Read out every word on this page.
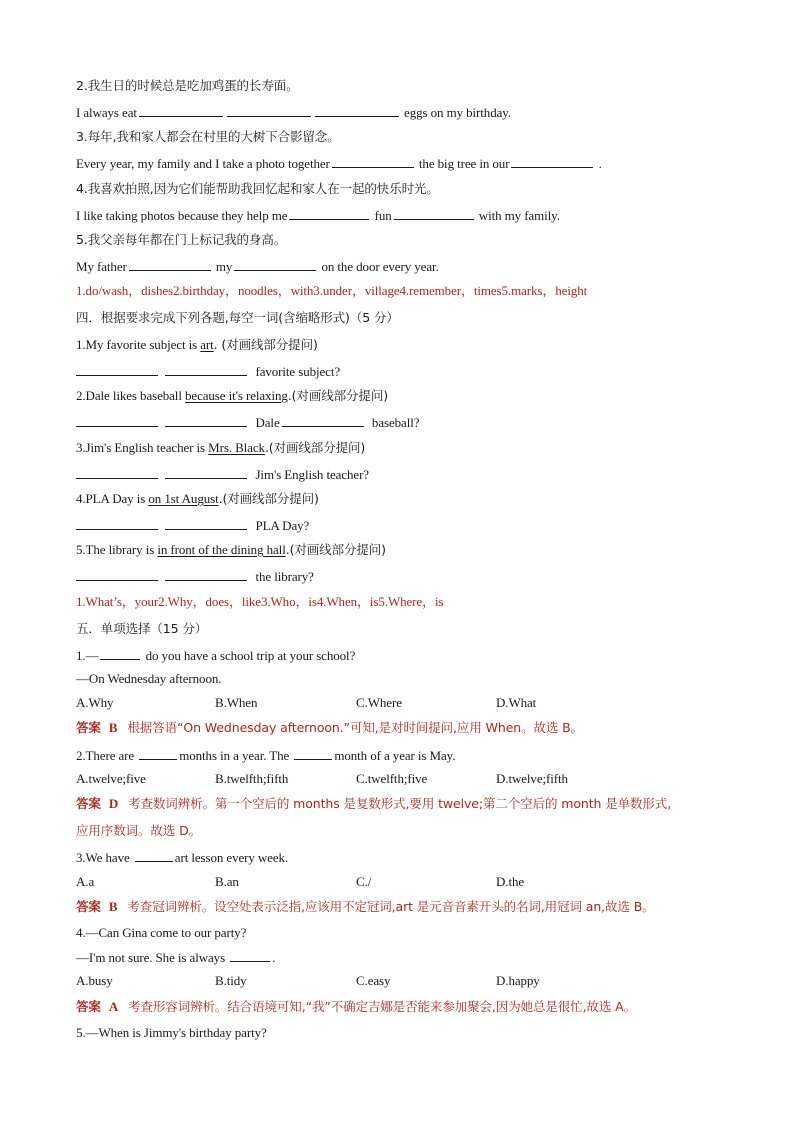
2.我生日的时候总是吃加鸡蛋的长寿面。
I always eat	eggs on my birthday.
3.每年,我和家人都会在村里的大树下合影留念。
Every year, my family and I take a photo together	the big tree in our	.
4.我喜欢拍照,因为它们能帮助我回忆起和家人在一起的快乐时光。
I like taking photos because they help me	fun	with my family.
5.我父亲每年都在门上标记我的身高。
My father	my	on the door every year.
1.do/wash，dishes2.birthday，noodles，with3.under，village4.remember，times5.marks，height
四．根据要求完成下列各题,每空一词(含缩略形式)（5 分）
1.My favorite subject is art. (对画线部分提问)
favorite subject?
2.Dale likes baseball because it's relaxing.(对画线部分提问)
Dale	baseball?
3.Jim's English teacher is Mrs. Black.(对画线部分提问)
Jim's English teacher?
4.PLA Day is on 1st August.(对画线部分提问)
PLA Day?
5.The library is in front of the dining hall.(对画线部分提问)
the library?
1.What’s，your2.Why，does，like3.Who，is4.When，is5.Where，is
五．单项选择（15 分）
1.—	do you have a school trip at your school?
—On Wednesday afternoon.
A.Why	B.When	C.Where	D.What
答案 B 根据答语“On Wednesday afternoon.”可知,是对时间提问,应用 When。故选 B。
2.There are	months in a year. The	month of a year is May.
A.twelve;five	B.twelfth;fifth	C.twelfth;five	D.twelve;fifth
答案 D 考查数词辨析。第一个空后的 months 是复数形式,要用 twelve;第二个空后的 month 是单数形式,
应用序数词。故选 D。
3.We have	art lesson every week.
A.a	B.an	C./	D.the
答案 B 考查冠词辨析。设空处表示泛指,应该用不定冠词,art 是元音音素开头的名词,用冠词 an,故选 B。
4.—Can Gina come to our party?
—I'm not sure. She is always	.
A.busy	B.tidy	C.easy	D.happy
答案 A 考查形容词辨析。结合语境可知,“我”不确定吉娜是否能来参加聚会,因为她总是很忙,故选 A。
5.—When is Jimmy's birthday party?
